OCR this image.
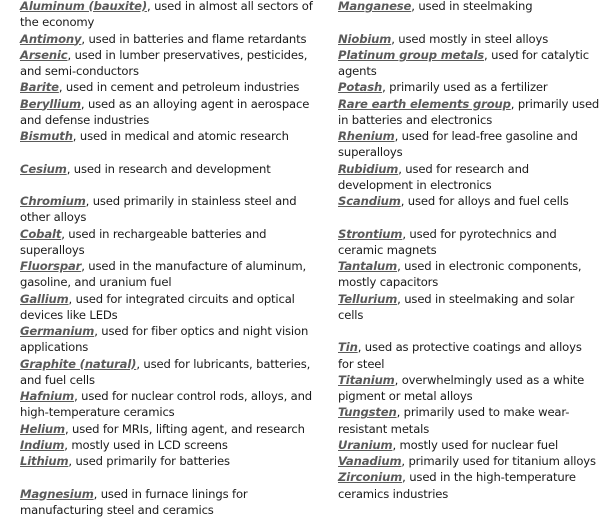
Aluminum (bauxite), used in almost all sectors of the economy

Antimony, used in batteries and flame retardants

Arsenic, used in lumber preservatives, pesticides, and semi-conductors

Barite, used in cement and petroleum industries

Beryllium, used as an alloying agent in aerospace and defense industries

Bismuth, used in medical and atomic research

Cesium, used in research and development

Chromium, used primarily in stainless steel and other alloys

Cobalt, used in rechargeable batteries and superalloys

Fluorspar, used in the manufacture of aluminum, gasoline, and uranium fuel

Gallium, used for integrated circuits and optical devices like LEDs

Germanium, used for fiber optics and night vision applications

Graphite (natural), used for lubricants, batteries, and fuel cells

Hafnium, used for nuclear control rods, alloys, and high-temperature ceramics

Helium, used for MRIs, lifting agent, and research

Indium, mostly used in LCD screens

Lithium, used primarily for batteries

Magnesium, used in furnace linings for manufacturing steel and ceramics

Manganese, used in steelmaking

Niobium, used mostly in steel alloys

Platinum group metals, used for catalytic agents

Potash, primarily used as a fertilizer

Rare earth elements group, primarily used in batteries and electronics

Rhenium, used for lead-free gasoline and superalloys

Rubidium, used for research and development in electronics

Scandium, used for alloys and fuel cells

Strontium, used for pyrotechnics and ceramic magnets

Tantalum, used in electronic components, mostly capacitors

Tellurium, used in steelmaking and solar cells

Tin, used as protective coatings and alloys for steel

Titanium, overwhelmingly used as a white pigment or metal alloys

Tungsten, primarily used to make wear-resistant metals

Uranium, mostly used for nuclear fuel

Vanadium, primarily used for titanium alloys

Zirconium, used in the high-temperature ceramics industries
